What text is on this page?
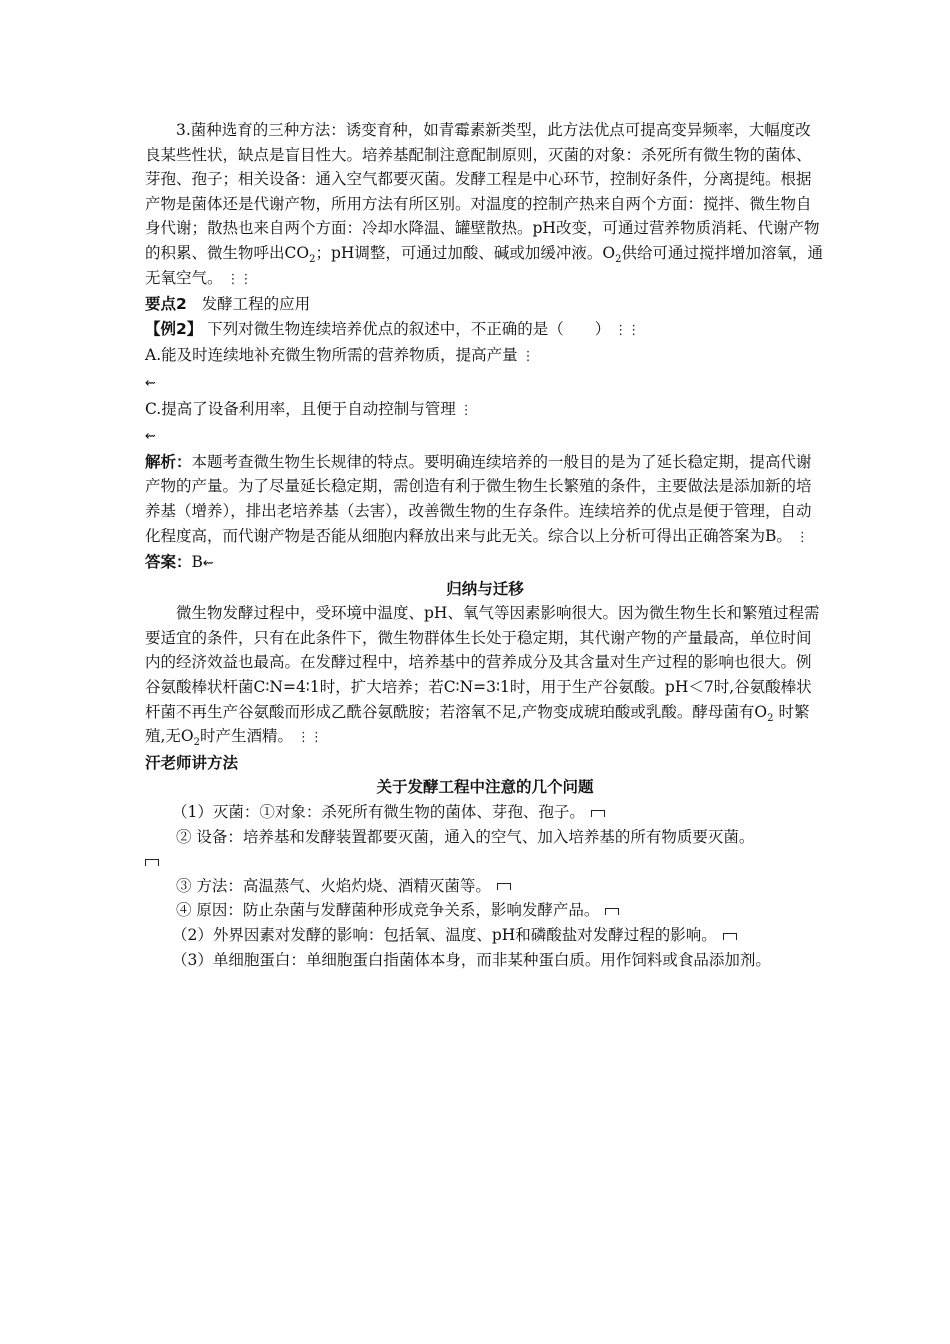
3.菌种选育的三种方法：诱变育种，如青霉素新类型，此方法优点可提高变异频率，大幅度改良某些性状，缺点是盲目性大。培养基配制注意配制原则，灭菌的对象：杀死所有微生物的菌体、芽孢、孢子；相关设备：通入空气都要灭菌。发酵工程是中心环节，控制好条件，分离提纯。根据产物是菌体还是代谢产物，所用方法有所区别。对温度的控制产热来自两个方面：搅拌、微生物自身代谢；散热也来自两个方面：冷却水降温、罐壁散热。pH改变，可通过营养物质消耗、代谢产物的积累、微生物呼出$CO_2$；pH调整，可通过加酸、碱或加缓冲液。$O_2$供给可通过搅拌增加溶氧，通无氧空气。 ⋮⋮

要点2 发酵工程的应用

【例2】 下列对微生物连续培养优点的叙述中，不正确的是（　　） ⋮⋮

A.能及时连续地补充微生物所需的营养物质，提高产量 ⋮

⇜

C.提高了设备利用率，且便于自动控制与管理 ⋮

⇜

解析：本题考查微生物生长规律的特点。要明确连续培养的一般目的是为了延长稳定期，提高代谢产物的产量。为了尽量延长稳定期，需创造有利于微生物生长繁殖的条件，主要做法是添加新的培养基（增养），排出老培养基（去害），改善微生物的生存条件。连续培养的优点是便于管理，自动化程度高，而代谢产物是否能从细胞内释放出来与此无关。综合以上分析可得出正确答案为B。 ⋮

答案：B⇜

归纳与迁移

微生物发酵过程中，受环境中温度、pH、氧气等因素影响很大。因为微生物生长和繁殖过程需要适宜的条件，只有在此条件下，微生物群体生长处于稳定期，其代谢产物的产量最高，单位时间内的经济效益也最高。在发酵过程中，培养基中的营养成分及其含量对生产过程的影响也很大。例谷氨酸棒状杆菌C∶N=4∶1时，扩大培养；若C∶N=3∶1时，用于生产谷氨酸。pH＜7时,谷氨酸棒状杆菌不再生产谷氨酸而形成乙酰谷氨酰胺；若溶氧不足,产物变成琥珀酸或乳酸。酵母菌有$O_2$ 时繁殖,无$O_2$时产生酒精。 ⋮⋮

汗老师讲方法

关于发酵工程中注意的几个问题

（1）灭菌：①对象：杀死所有微生物的菌体、芽孢、孢子。

② 设备：培养基和发酵装置都要灭菌，通入的空气、加入培养基的所有物质要灭菌。

③ 方法：高温蒸气、火焰灼烧、酒精灭菌等。

④ 原因：防止杂菌与发酵菌种形成竞争关系，影响发酵产品。

（2）外界因素对发酵的影响：包括氧、温度、pH和磷酸盐对发酵过程的影响。

（3）单细胞蛋白：单细胞蛋白指菌体本身，而非某种蛋白质。用作饲料或食品添加剂。
